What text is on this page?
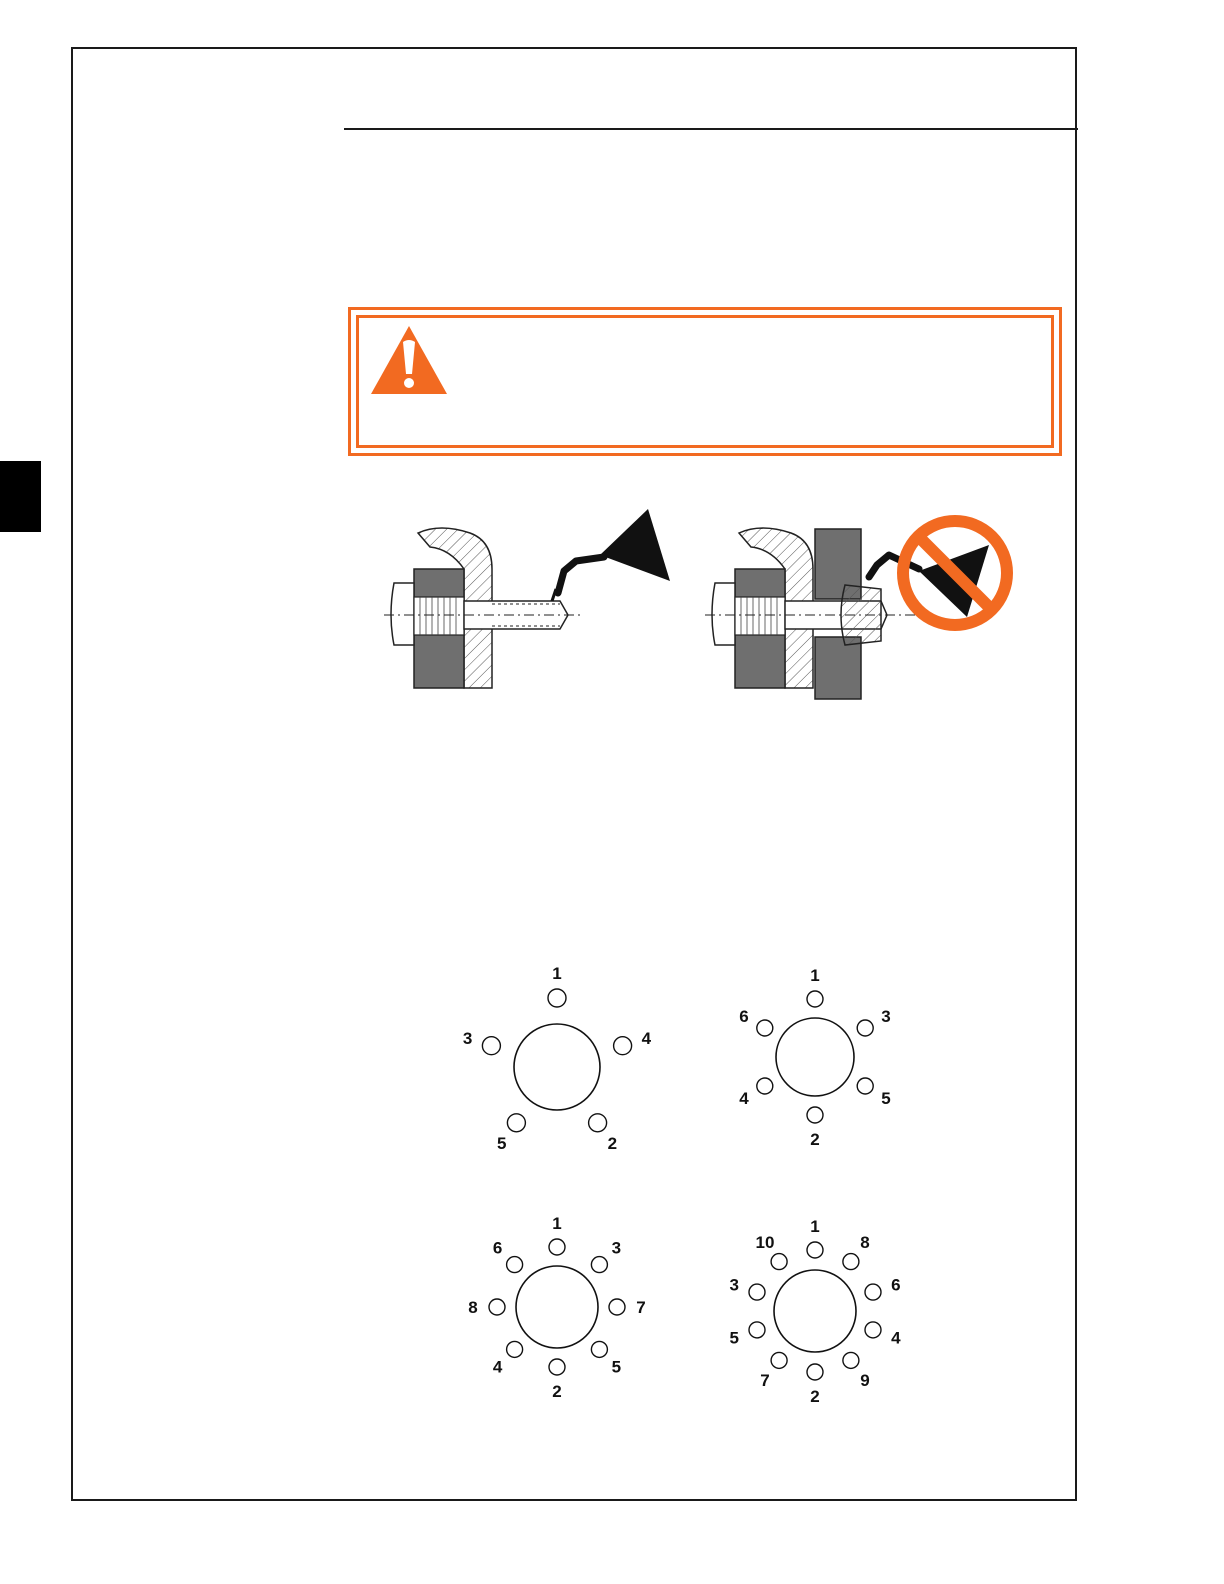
1
4
2
5
3
1
3
5
2
4
6
1
3
7
5
2
4
8
6
1
8
6
4
9
2
7
5
3
10
